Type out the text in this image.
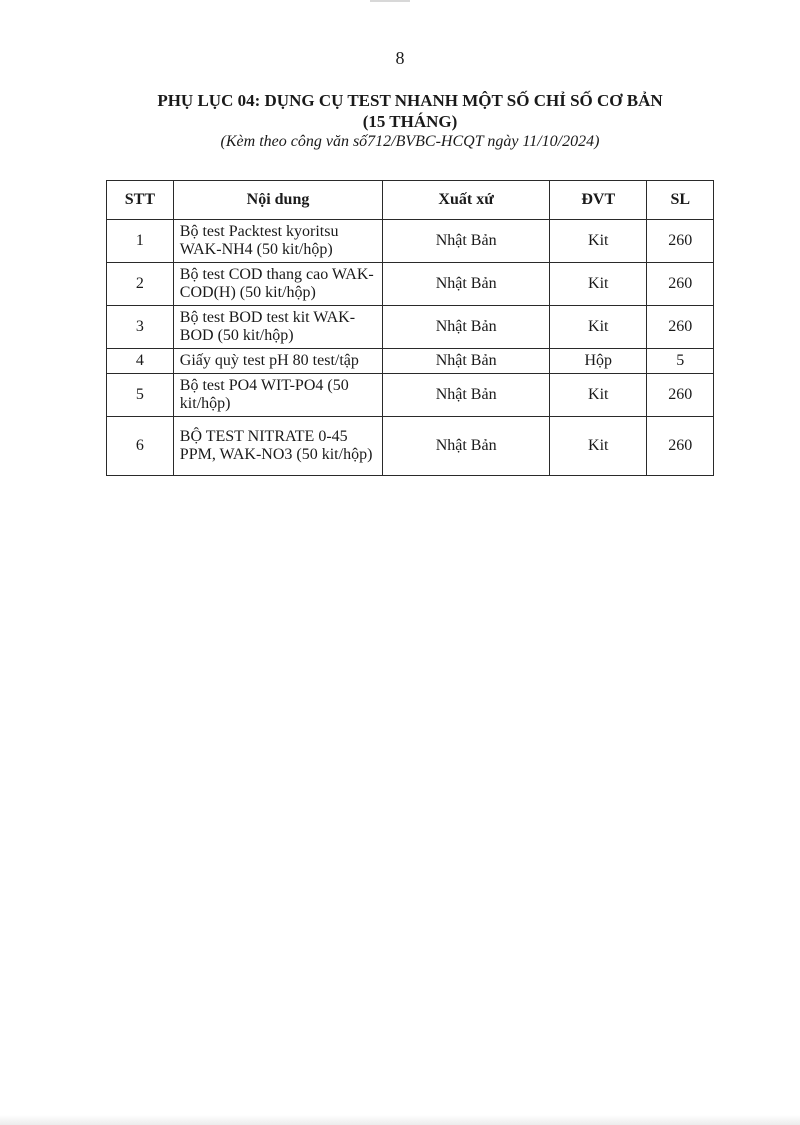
8
PHỤ LỤC 04: DỤNG CỤ TEST NHANH MỘT SỐ CHỈ SỐ CƠ BẢN
(15 THÁNG)
(Kèm theo công văn số712/BVBC-HCQT ngày 11/10/2024)
STT	Nội dung	Xuất xứ	ĐVT	SL
1	Bộ test Packtest kyoritsu WAK-NH4 (50 kit/hộp)	Nhật Bản	Kit	260
2	Bộ test COD thang cao WAK-COD(H) (50 kit/hộp)	Nhật Bản	Kit	260
3	Bộ test BOD test kit WAK-BOD (50 kit/hộp)	Nhật Bản	Kit	260
4	Giấy quỳ test pH 80 test/tập	Nhật Bản	Hộp	5
5	Bộ test PO4 WIT-PO4 (50 kit/hộp)	Nhật Bản	Kit	260
6	BỘ TEST NITRATE 0-45 PPM, WAK-NO3 (50 kit/hộp)	Nhật Bản	Kit	260
